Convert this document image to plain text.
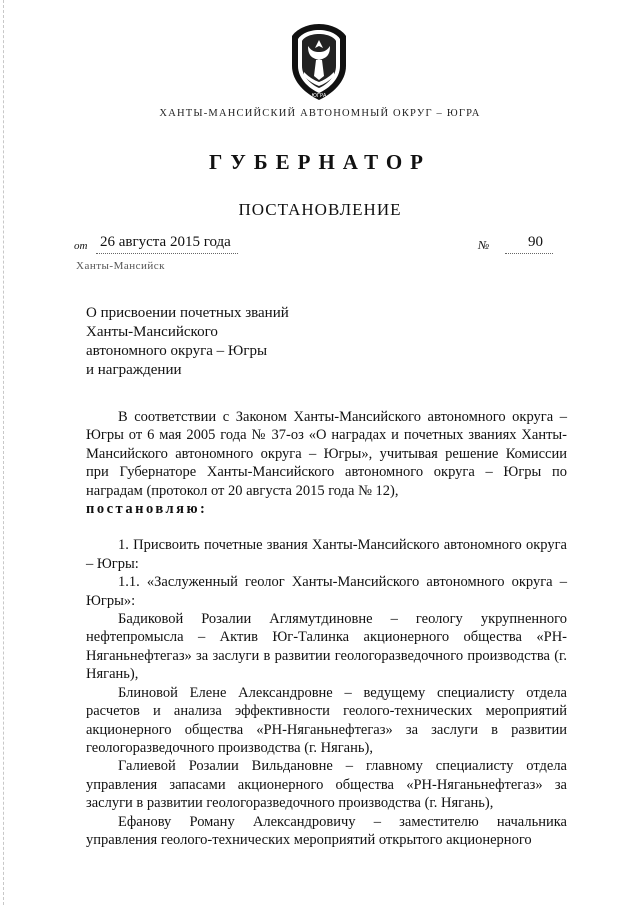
ЮГРА
ХАНТЫ-МАНСИЙСКИЙ АВТОНОМНЫЙ ОКРУГ – ЮГРА
ГУБЕРНАТОР
ПОСТАНОВЛЕНИЕ
от 26 августа 2015 года	№	90
Ханты-Мансийск
О присвоении почетных званий
Ханты-Мансийского
автономного округа – Югры
и награждении

В соответствии с Законом Ханты-Мансийского автономного округа – Югры от 6 мая 2005 года № 37-оз «О наградах и почетных званиях Ханты-Мансийского автономного округа – Югры», учитывая решение Комиссии при Губернаторе Ханты-Мансийского автономного округа – Югры по наградам (протокол от 20 августа 2015 года № 12),
постановляю:

1. Присвоить почетные звания Ханты-Мансийского автономного округа – Югры:

1.1. «Заслуженный геолог Ханты-Мансийского автономного округа – Югры»:

Бадиковой Розалии Аглямутдиновне – геологу укрупненного нефтепромысла – Актив Юг-Талинка акционерного общества «РН-Няганьнефтегаз» за заслуги в развитии геологоразведочного производства (г. Нягань),

Блиновой Елене Александровне – ведущему специалисту отдела расчетов и анализа эффективности геолого-технических мероприятий акционерного общества «РН-Няганьнефтегаз» за заслуги в развитии геологоразведочного производства (г. Нягань),

Галиевой Розалии Вильдановне – главному специалисту отдела управления запасами акционерного общества «РН-Няганьнефтегаз» за заслуги в развитии геологоразведочного производства (г. Нягань),

Ефанову Роману Александровичу – заместителю начальника управления геолого-технических мероприятий открытого акционерного
